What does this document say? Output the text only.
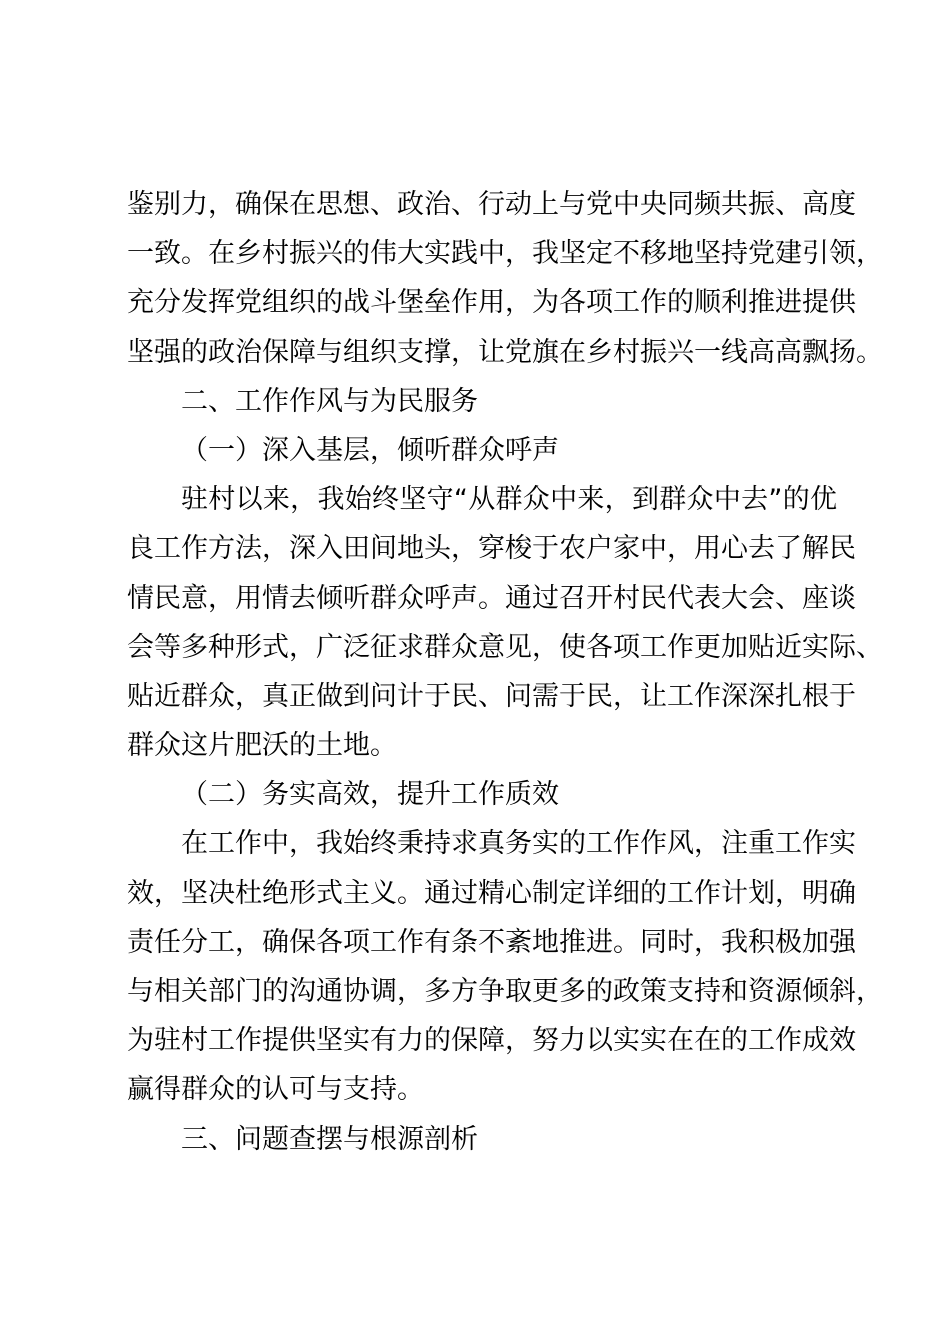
鉴别力，确保在思想、政治、行动上与党中央同频共振、高度
一致。在乡村振兴的伟大实践中，我坚定不移地坚持党建引领，
充分发挥党组织的战斗堡垒作用，为各项工作的顺利推进提供
坚强的政治保障与组织支撑，让党旗在乡村振兴一线高高飘扬。
二、工作作风与为民服务
（一）深入基层，倾听群众呼声
驻村以来，我始终坚守“从群众中来，到群众中去”的优
良工作方法，深入田间地头，穿梭于农户家中，用心去了解民
情民意，用情去倾听群众呼声。通过召开村民代表大会、座谈
会等多种形式，广泛征求群众意见，使各项工作更加贴近实际、
贴近群众，真正做到问计于民、问需于民，让工作深深扎根于
群众这片肥沃的土地。
（二）务实高效，提升工作质效
在工作中，我始终秉持求真务实的工作作风，注重工作实
效，坚决杜绝形式主义。通过精心制定详细的工作计划，明确
责任分工，确保各项工作有条不紊地推进。同时，我积极加强
与相关部门的沟通协调，多方争取更多的政策支持和资源倾斜，
为驻村工作提供坚实有力的保障，努力以实实在在的工作成效
赢得群众的认可与支持。
三、问题查摆与根源剖析
